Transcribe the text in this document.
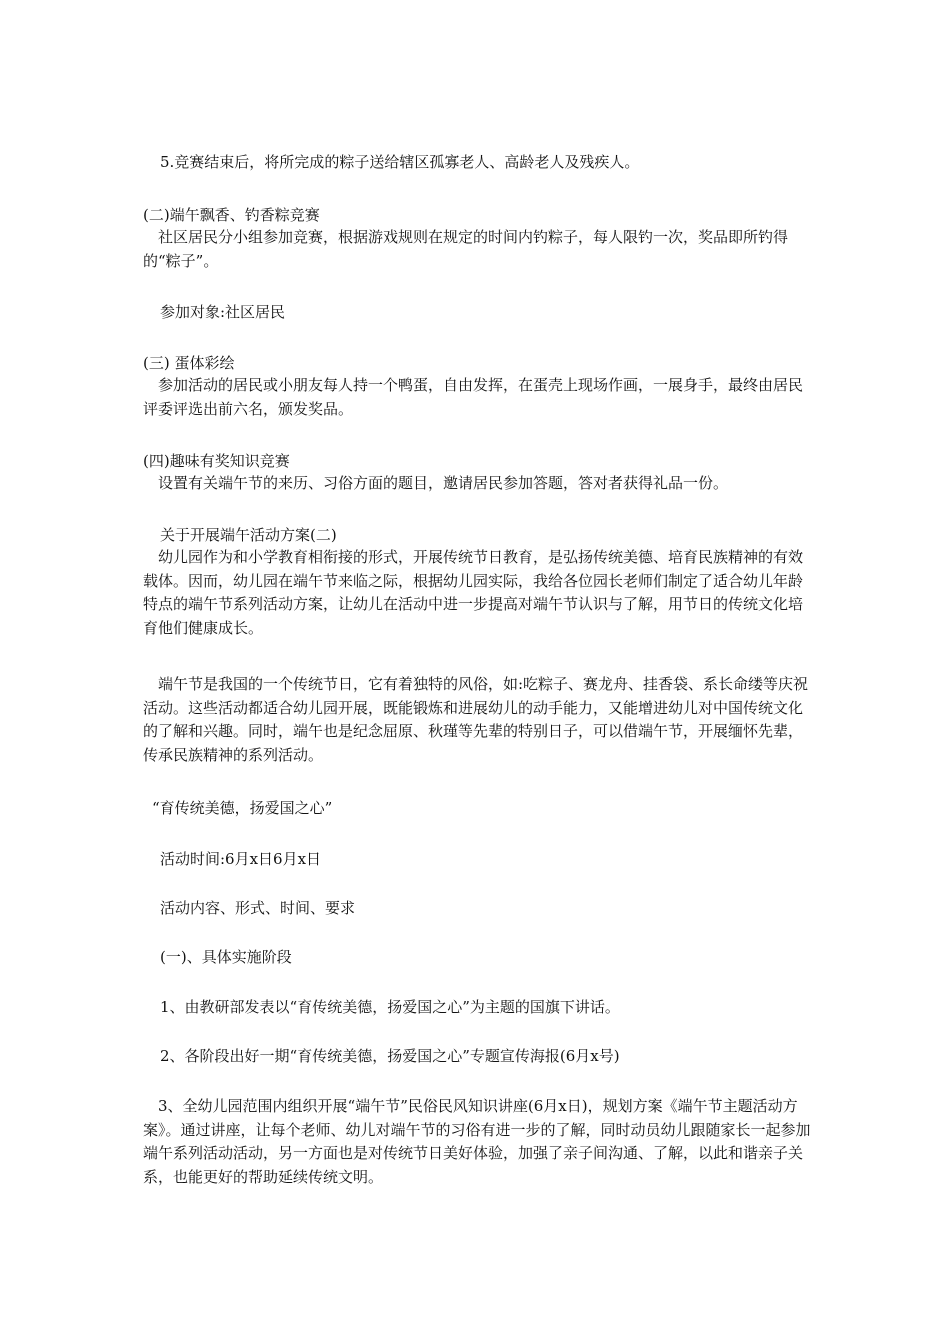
5.竞赛结束后，将所完成的粽子送给辖区孤寡老人、高龄老人及残疾人。
(二)端午飘香、钓香粽竞赛
社区居民分小组参加竞赛，根据游戏规则在规定的时间内钓粽子，每人限钓一次，奖品即所钓得的“粽子”。
参加对象:社区居民
(三) 蛋体彩绘
参加活动的居民或小朋友每人持一个鸭蛋，自由发挥，在蛋壳上现场作画，一展身手，最终由居民评委评选出前六名，颁发奖品。
(四)趣味有奖知识竞赛
设置有关端午节的来历、习俗方面的题目，邀请居民参加答题，答对者获得礼品一份。
关于开展端午活动方案(二)
幼儿园作为和小学教育相衔接的形式，开展传统节日教育，是弘扬传统美德、培育民族精神的有效载体。因而，幼儿园在端午节来临之际，根据幼儿园实际，我给各位园长老师们制定了适合幼儿年龄特点的端午节系列活动方案，让幼儿在活动中进一步提高对端午节认识与了解，用节日的传统文化培育他们健康成长。
端午节是我国的一个传统节日，它有着独特的风俗，如:吃粽子、赛龙舟、挂香袋、系长命缕等庆祝活动。这些活动都适合幼儿园开展，既能锻炼和进展幼儿的动手能力，又能增进幼儿对中国传统文化的了解和兴趣。同时，端午也是纪念屈原、秋瑾等先辈的特别日子，可以借端午节，开展缅怀先辈，传承民族精神的系列活动。
“育传统美德，扬爱国之心”
活动时间:6月x日6月x日
活动内容、形式、时间、要求
(一)、具体实施阶段
1、由教研部发表以“育传统美德，扬爱国之心”为主题的国旗下讲话。
2、各阶段出好一期“育传统美德，扬爱国之心”专题宣传海报(6月x号)
3、全幼儿园范围内组织开展“端午节”民俗民风知识讲座(6月x日)，规划方案《端午节主题活动方案》。通过讲座，让每个老师、幼儿对端午节的习俗有进一步的了解，同时动员幼儿跟随家长一起参加端午系列活动活动，另一方面也是对传统节日美好体验，加强了亲子间沟通、了解，以此和谐亲子关系，也能更好的帮助延续传统文明。
